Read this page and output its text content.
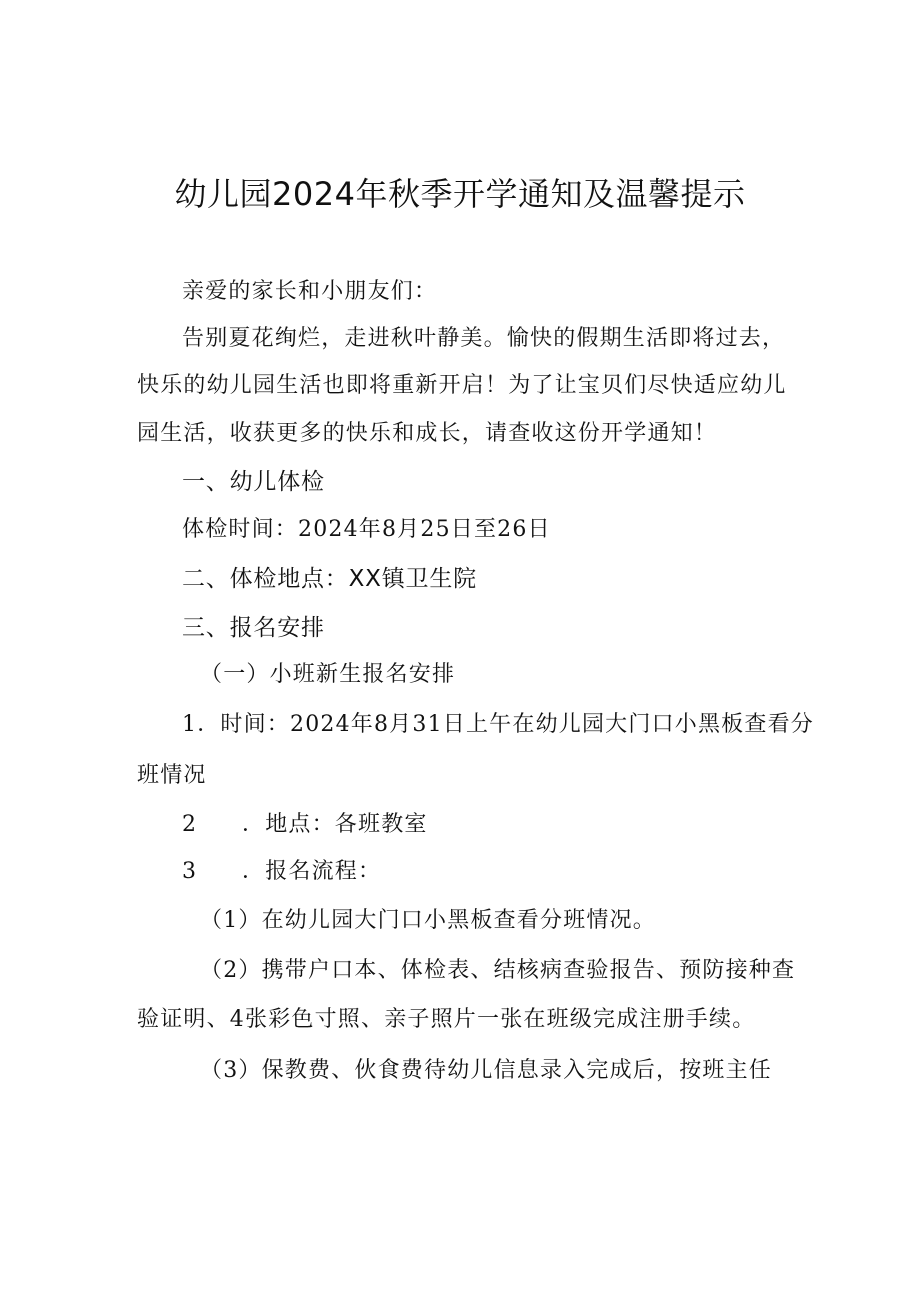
幼儿园2024年秋季开学通知及温馨提示
亲爱的家长和小朋友们：
告别夏花绚烂，走进秋叶静美。愉快的假期生活即将过去，
快乐的幼儿园生活也即将重新开启！为了让宝贝们尽快适应幼儿
园生活，收获更多的快乐和成长，请查收这份开学通知！
一、幼儿体检
体检时间：2024年8月25日至26日
二、体检地点：XX镇卫生院
三、报名安排
（一）小班新生报名安排
1．时间：2024年8月31日上午在幼儿园大门口小黑板查看分
班情况
2 ．地点：各班教室
3 ．报名流程：
（1）在幼儿园大门口小黑板查看分班情况。
（2）携带户口本、体检表、结核病查验报告、预防接种查
验证明、4张彩色寸照、亲子照片一张在班级完成注册手续。
（3）保教费、伙食费待幼儿信息录入完成后，按班主任
